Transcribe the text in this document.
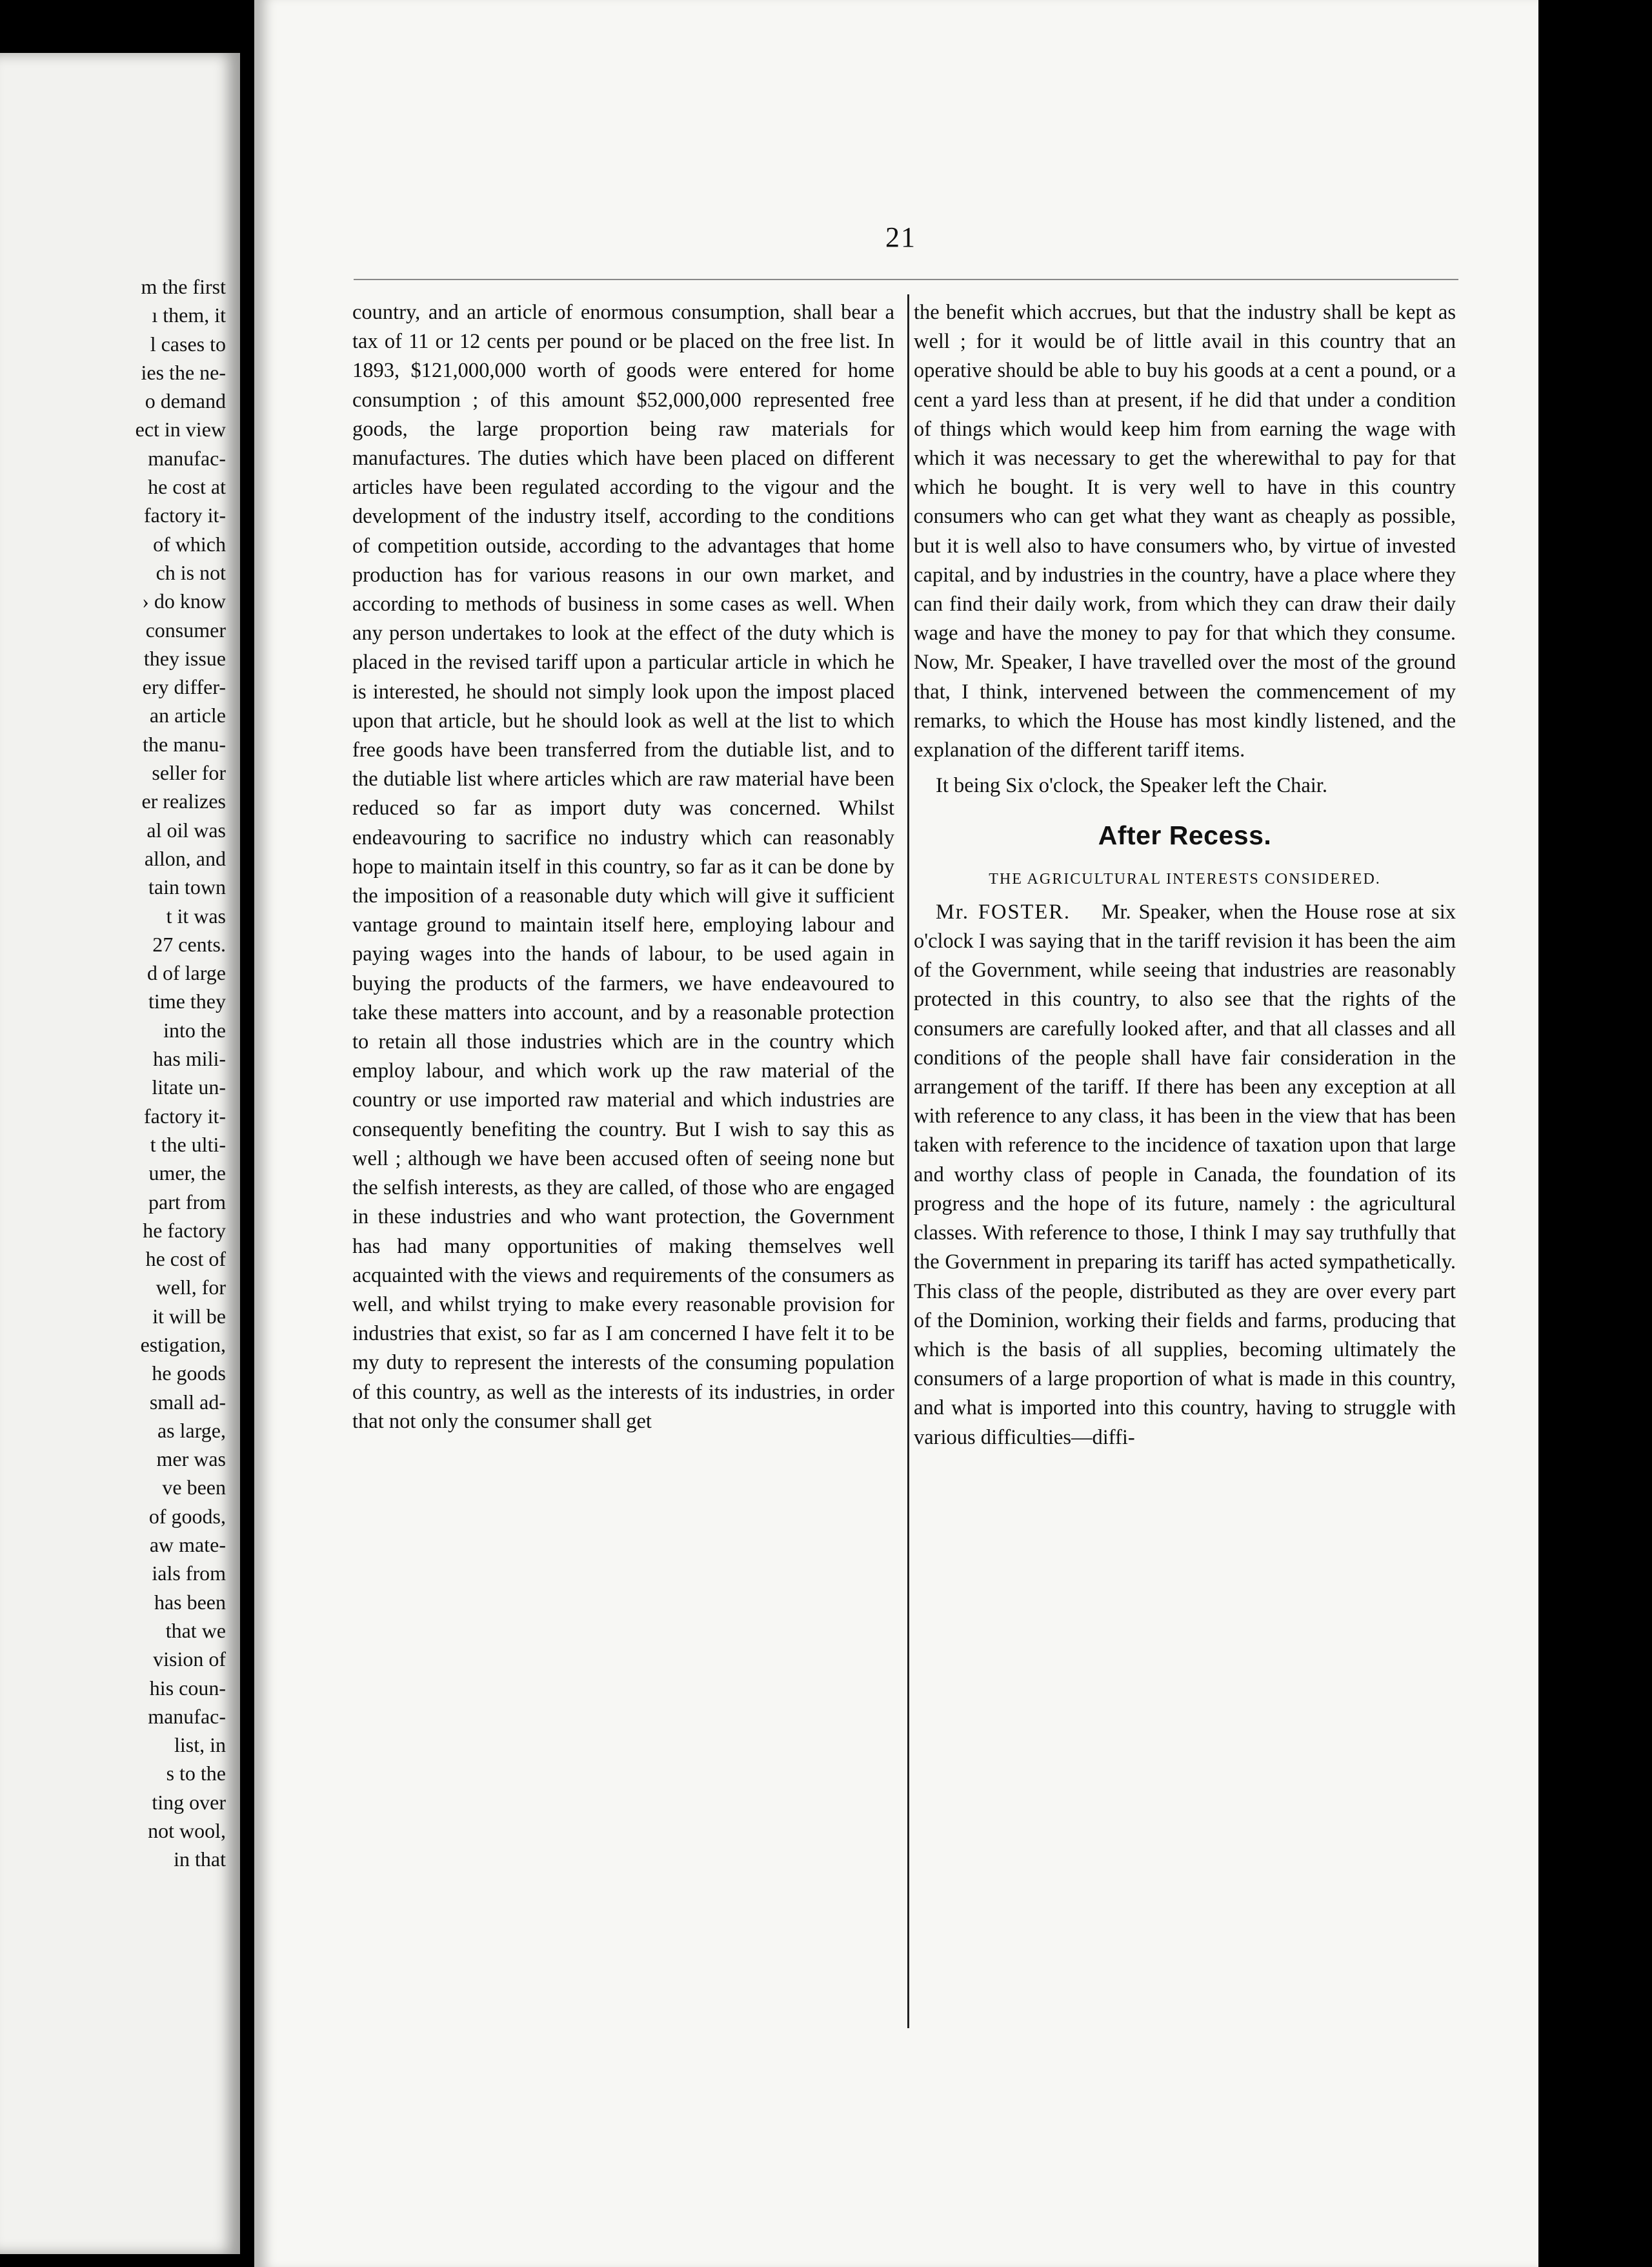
m the first
ı them, it
l cases to
ies the ne-
o demand
ect in view
manufac-
he cost at
factory it-
of which
ch is not
› do know
consumer
they issue
ery differ-
an article
the manu-
seller for
er realizes
al oil was
allon, and
tain town
t it was
27 cents.
d of large
time they
into the
has mili-
litate un-
factory it-
t the ulti-
umer, the
part from
he factory
he cost of
well, for
it will be
estigation,
he goods
small ad-
as large,
mer was
ve been
of goods,
aw mate-
ials from
has been
that we
vision of
his coun-
manufac-
list, in
s to the
ting over
not wool,
in that
21

country, and an article of enormous consumption, shall bear a tax of 11 or 12 cents per pound or be placed on the free list. In 1893, $121,000,000 worth of goods were entered for home consumption ; of this amount $52,000,000 represented free goods, the large proportion being raw materials for manufactures. The duties which have been placed on different articles have been regulated according to the vigour and the development of the industry itself, according to the conditions of competition outside, according to the advantages that home production has for various reasons in our own market, and according to methods of business in some cases as well. When any person undertakes to look at the effect of the duty which is placed in the revised tariff upon a particular article in which he is interested, he should not simply look upon the impost placed upon that article, but he should look as well at the list to which free goods have been transferred from the dutiable list, and to the dutiable list where articles which are raw material have been reduced so far as import duty was concerned. Whilst endeavouring to sacrifice no industry which can reasonably hope to maintain itself in this country, so far as it can be done by the imposition of a reasonable duty which will give it sufficient vantage ground to maintain itself here, employing labour and paying wages into the hands of labour, to be used again in buying the products of the farmers, we have endeavoured to take these matters into account, and by a reasonable protection to retain all those industries which are in the country which employ labour, and which work up the raw material of the country or use imported raw material and which industries are consequently benefiting the country. But I wish to say this as well ; although we have been accused often of seeing none but the selfish interests, as they are called, of those who are engaged in these industries and who want protection, the Government has had many opportunities of making themselves well acquainted with the views and requirements of the consumers as well, and whilst trying to make every reasonable provision for industries that exist, so far as I am concerned I have felt it to be my duty to represent the interests of the consuming population of this country, as well as the interests of its industries, in order that not only the consumer shall get

the benefit which accrues, but that the industry shall be kept as well ; for it would be of little avail in this country that an operative should be able to buy his goods at a cent a pound, or a cent a yard less than at present, if he did that under a condition of things which would keep him from earning the wage with which it was necessary to get the wherewithal to pay for that which he bought. It is very well to have in this country consumers who can get what they want as cheaply as possible, but it is well also to have consumers who, by virtue of invested capital, and by industries in the country, have a place where they can find their daily work, from which they can draw their daily wage and have the money to pay for that which they consume. Now, Mr. Speaker, I have travelled over the most of the ground that, I think, intervened between the commencement of my remarks, to which the House has most kindly listened, and the explanation of the different tariff items.

It being Six o'clock, the Speaker left the Chair.

After Recess.
THE AGRICULTURAL INTERESTS CONSIDERED.

Mr. FOSTER. Mr. Speaker, when the House rose at six o'clock I was saying that in the tariff revision it has been the aim of the Government, while seeing that industries are reasonably protected in this country, to also see that the rights of the consumers are carefully looked after, and that all classes and all conditions of the people shall have fair consideration in the arrangement of the tariff. If there has been any exception at all with reference to any class, it has been in the view that has been taken with reference to the incidence of taxation upon that large and worthy class of people in Canada, the foundation of its progress and the hope of its future, namely : the agricultural classes. With reference to those, I think I may say truthfully that the Government in preparing its tariff has acted sympathetically. This class of the people, distributed as they are over every part of the Dominion, working their fields and farms, producing that which is the basis of all supplies, becoming ultimately the consumers of a large proportion of what is made in this country, and what is imported into this country, having to struggle with various difficulties—diffi-
